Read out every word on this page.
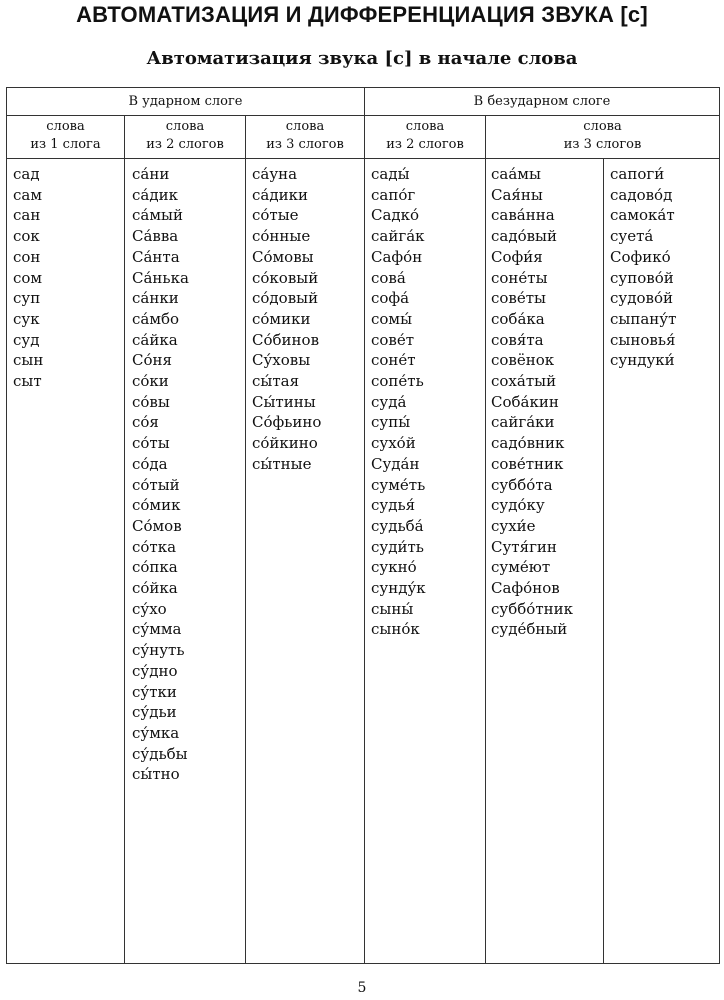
АВТОМАТИЗАЦИЯ И ДИФФЕРЕНЦИАЦИЯ ЗВУКА [с]
Автоматизация звука [с] в начале слова
В ударном слоге	В безударном слоге
слова
из 1 слога
слова
из 2 слогов
слова
из 3 слогов
слова
из 2 слогов
слова
из 3 слогов
сад
сам
сан
сок
сон
сом
суп
сук
суд
сын
сыт
са́ни
са́дик
са́мый
Са́вва
Са́нта
Са́нька
са́нки
са́мбо
са́йка
Со́ня
со́ки
со́вы
со́я
со́ты
со́да
со́тый
со́мик
Со́мов
со́тка
со́пка
со́йка
су́хо
су́мма
су́нуть
су́дно
су́тки
су́дьи
су́мка
су́дьбы
сы́тно
са́уна
са́дики
со́тые
со́нные
Со́мовы
со́ковый
со́довый
со́мики
Со́бинов
Су́ховы
сы́тая
Сы́тины
Со́фьино
со́йкино
сы́тные
сады́
сапо́г
Садко́
сайга́к
Сафо́н
сова́
софа́
сомы́
сове́т
соне́т
сопе́ть
суда́
супы́
сухо́й
Суда́н
суме́ть
судья́
судьба́
суди́ть
сукно́
сунду́к
сыны́
сыно́к
саа́мы
Сая́ны
сава́нна
садо́вый
Софи́я
соне́ты
сове́ты
соба́ка
совя́та
совёнок
соха́тый
Соба́кин
сайга́ки
садо́вник
сове́тник
суббо́та
судо́ку
сухи́е
Сутя́гин
суме́ют
Сафо́нов
суббо́тник
суде́бный
сапоги́
садово́д
самока́т
суета́
Софико́
супово́й
судово́й
сыпану́т
сыновья́
сундуки́
5
